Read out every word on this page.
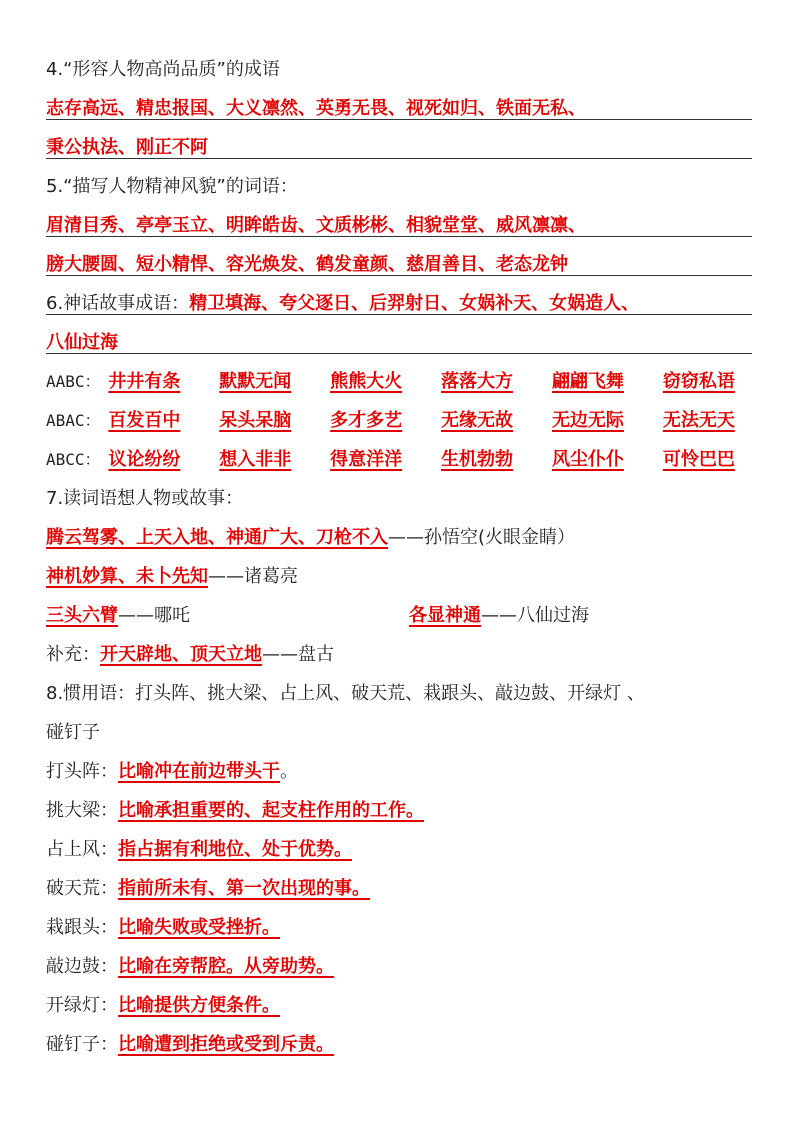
4.“形容人物高尚品质”的成语
志存高远、精忠报国、大义凛然、英勇无畏、视死如归、铁面无私、
秉公执法、刚正不阿
5.“描写人物精神风貌”的词语：
眉清目秀、亭亭玉立、明眸皓齿、文质彬彬、相貌堂堂、威风凛凛、
膀大腰圆、短小精悍、容光焕发、鹤发童颜、慈眉善目、老态龙钟
6.神话故事成语：精卫填海、夸父逐日、后羿射日、女娲补天、女娲造人、
八仙过海
AABC： 井井有条	默默无闻	熊熊大火	落落大方	翩翩飞舞	窃窃私语
ABAC： 百发百中	呆头呆脑	多才多艺	无缘无故	无边无际	无法无天
ABCC： 议论纷纷	想入非非	得意洋洋	生机勃勃	风尘仆仆	可怜巴巴
7.读词语想人物或故事：
腾云驾雾、上天入地、神通广大、刀枪不入——孙悟空(火眼金睛）
神机妙算、未卜先知——诸葛亮
三头六臂——哪吒	各显神通——八仙过海
补充：开天辟地、顶天立地——盘古
8.惯用语：打头阵、挑大梁、占上风、破天荒、栽跟头、敲边鼓、开绿灯 、
碰钉子
打头阵：比喻冲在前边带头干。
挑大梁：比喻承担重要的、起支柱作用的工作。
占上风：指占据有利地位、处于优势。
破天荒：指前所未有、第一次出现的事。
栽跟头：比喻失败或受挫折。
敲边鼓：比喻在旁帮腔。从旁助势。
开绿灯：比喻提供方便条件。
碰钉子：比喻遭到拒绝或受到斥责。
